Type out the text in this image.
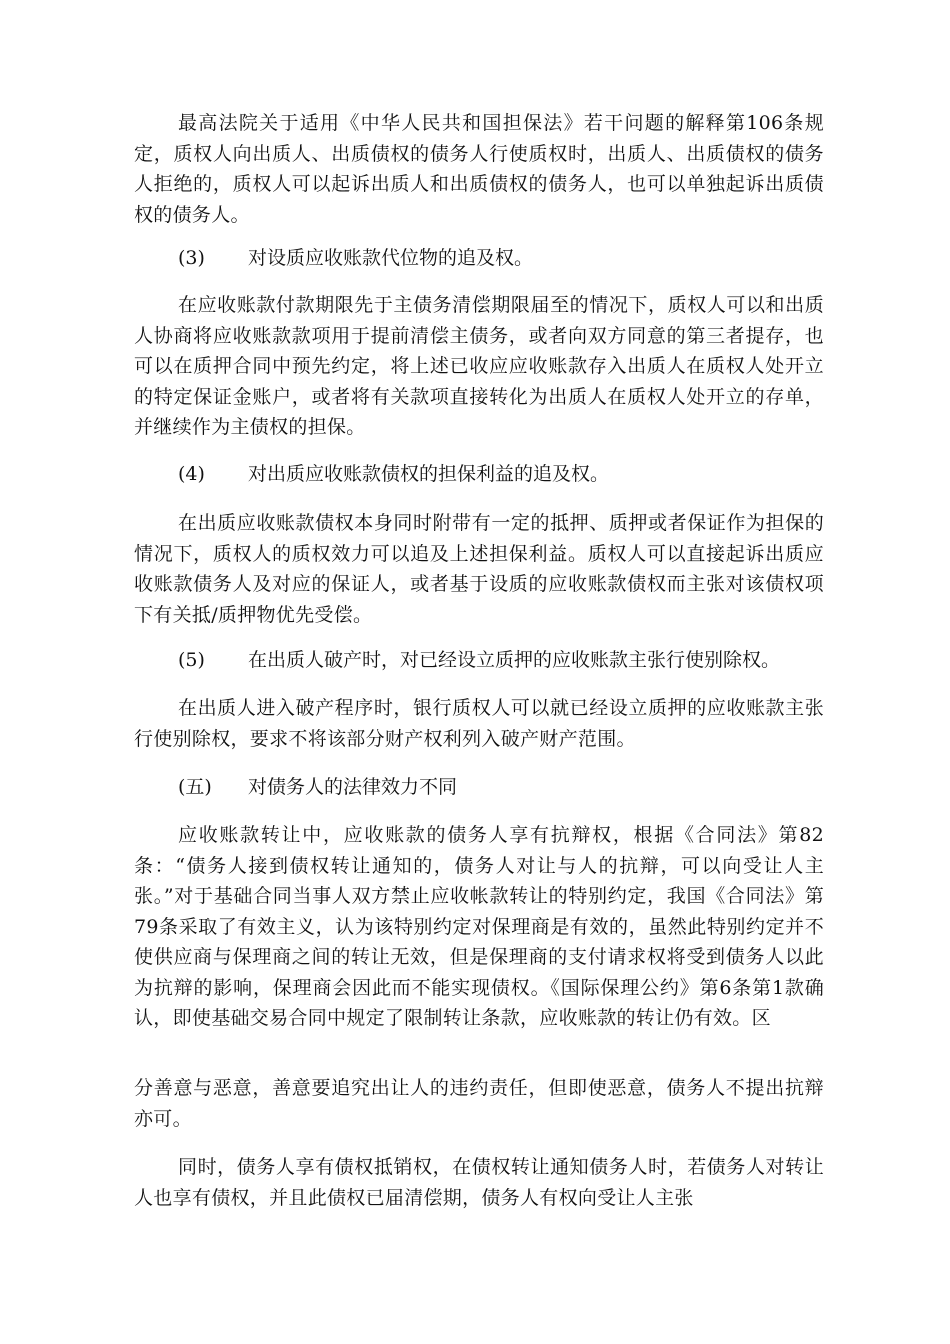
最高法院关于适用《中华人民共和国担保法》若干问题的解释第106条规定，质权人向出质人、出质债权的债务人行使质权时，出质人、出质债权的债务人拒绝的，质权人可以起诉出质人和出质债权的债务人，也可以单独起诉出质债权的债务人。

(3) 对设质应收账款代位物的追及权。

在应收账款付款期限先于主债务清偿期限届至的情况下，质权人可以和出质人协商将应收账款款项用于提前清偿主债务，或者向双方同意的第三者提存，也可以在质押合同中预先约定，将上述已收应应收账款存入出质人在质权人处开立的特定保证金账户，或者将有关款项直接转化为出质人在质权人处开立的存单，并继续作为主债权的担保。

(4) 对出质应收账款债权的担保利益的追及权。

在出质应收账款债权本身同时附带有一定的抵押、质押或者保证作为担保的情况下，质权人的质权效力可以追及上述担保利益。质权人可以直接起诉出质应收账款债务人及对应的保证人，或者基于设质的应收账款债权而主张对该债权项下有关抵/质押物优先受偿。

(5) 在出质人破产时，对已经设立质押的应收账款主张行使别除权。

在出质人进入破产程序时，银行质权人可以就已经设立质押的应收账款主张行使别除权，要求不将该部分财产权利列入破产财产范围。

(五) 对债务人的法律效力不同

应收账款转让中，应收账款的债务人享有抗辩权，根据《合同法》第82条：“债务人接到债权转让通知的，债务人对让与人的抗辩，可以向受让人主张。”对于基础合同当事人双方禁止应收帐款转让的特别约定，我国《合同法》第79条采取了有效主义，认为该特别约定对保理商是有效的，虽然此特别约定并不使供应商与保理商之间的转让无效，但是保理商的支付请求权将受到债务人以此为抗辩的影响，保理商会因此而不能实现债权。《国际保理公约》第6条第1款确认，即使基础交易合同中规定了限制转让条款，应收账款的转让仍有效。区

分善意与恶意，善意要追究出让人的违约责任，但即使恶意，债务人不提出抗辩亦可。

同时，债务人享有债权抵销权，在债权转让通知债务人时，若债务人对转让人也享有债权，并且此债权已届清偿期，债务人有权向受让人主张
